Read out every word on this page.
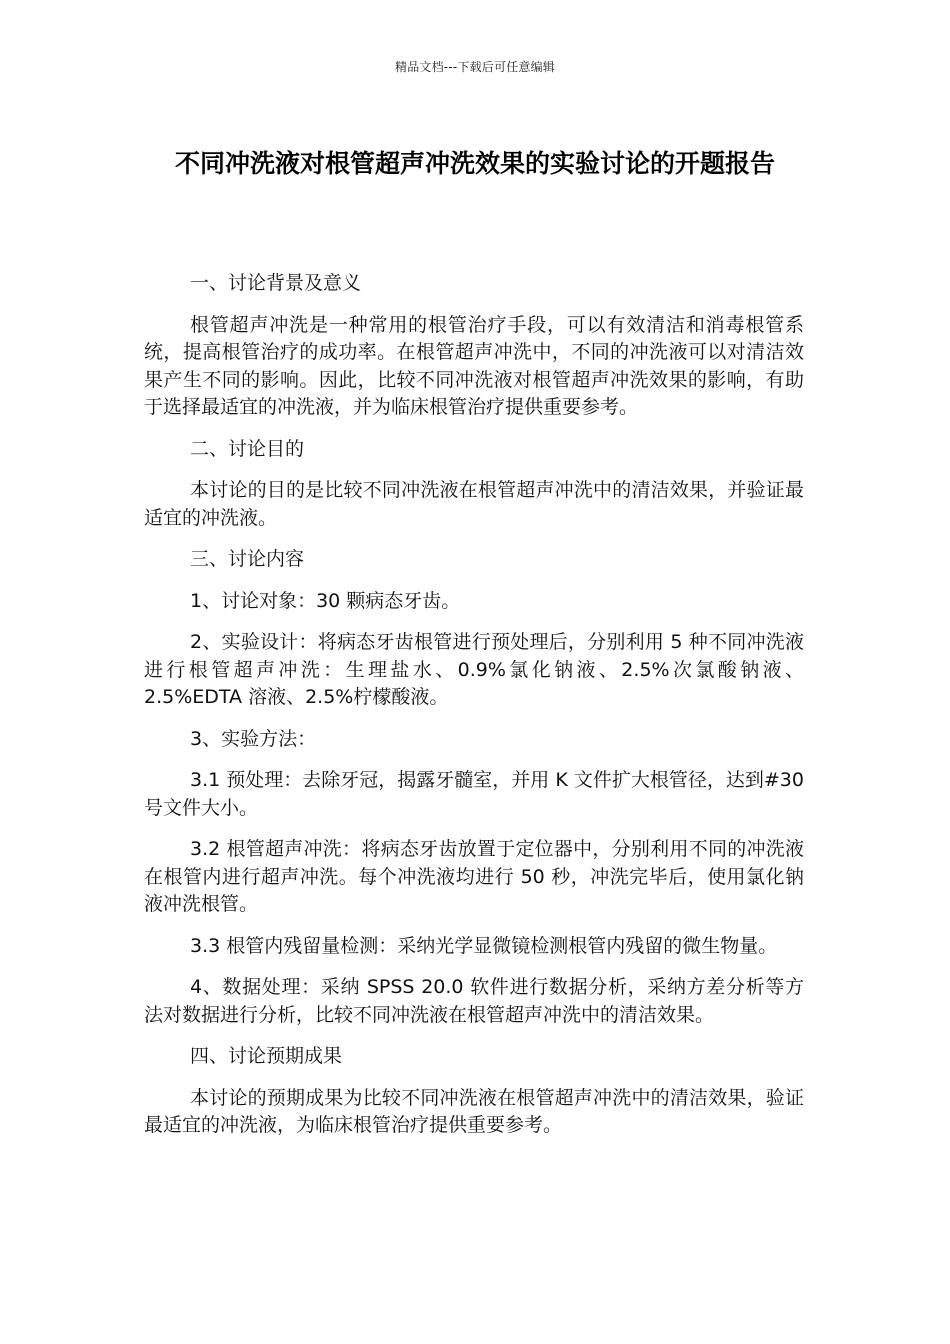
精品文档---下载后可任意编辑
不同冲洗液对根管超声冲洗效果的实验讨论的开题报告

一、讨论背景及意义

根管超声冲洗是一种常用的根管治疗手段，可以有效清洁和消毒根管系统，提高根管治疗的成功率。在根管超声冲洗中，不同的冲洗液可以对清洁效果产生不同的影响。因此，比较不同冲洗液对根管超声冲洗效果的影响，有助于选择最适宜的冲洗液，并为临床根管治疗提供重要参考。

二、讨论目的

本讨论的目的是比较不同冲洗液在根管超声冲洗中的清洁效果，并验证最适宜的冲洗液。

三、讨论内容

1、讨论对象：30 颗病态牙齿。

2、实验设计：将病态牙齿根管进行预处理后，分别利用 5 种不同冲洗液进行根管超声冲洗：生理盐水、0.9%氯化钠液、2.5%次氯酸钠液、2.5%EDTA 溶液、2.5%柠檬酸液。

3、实验方法：

3.1 预处理：去除牙冠，揭露牙髓室，并用 K 文件扩大根管径，达到#30 号文件大小。

3.2 根管超声冲洗：将病态牙齿放置于定位器中，分别利用不同的冲洗液在根管内进行超声冲洗。每个冲洗液均进行 50 秒，冲洗完毕后，使用氯化钠液冲洗根管。

3.3 根管内残留量检测：采纳光学显微镜检测根管内残留的微生物量。

4、数据处理：采纳 SPSS 20.0 软件进行数据分析，采纳方差分析等方法对数据进行分析，比较不同冲洗液在根管超声冲洗中的清洁效果。

四、讨论预期成果

本讨论的预期成果为比较不同冲洗液在根管超声冲洗中的清洁效果，验证最适宜的冲洗液，为临床根管治疗提供重要参考。
